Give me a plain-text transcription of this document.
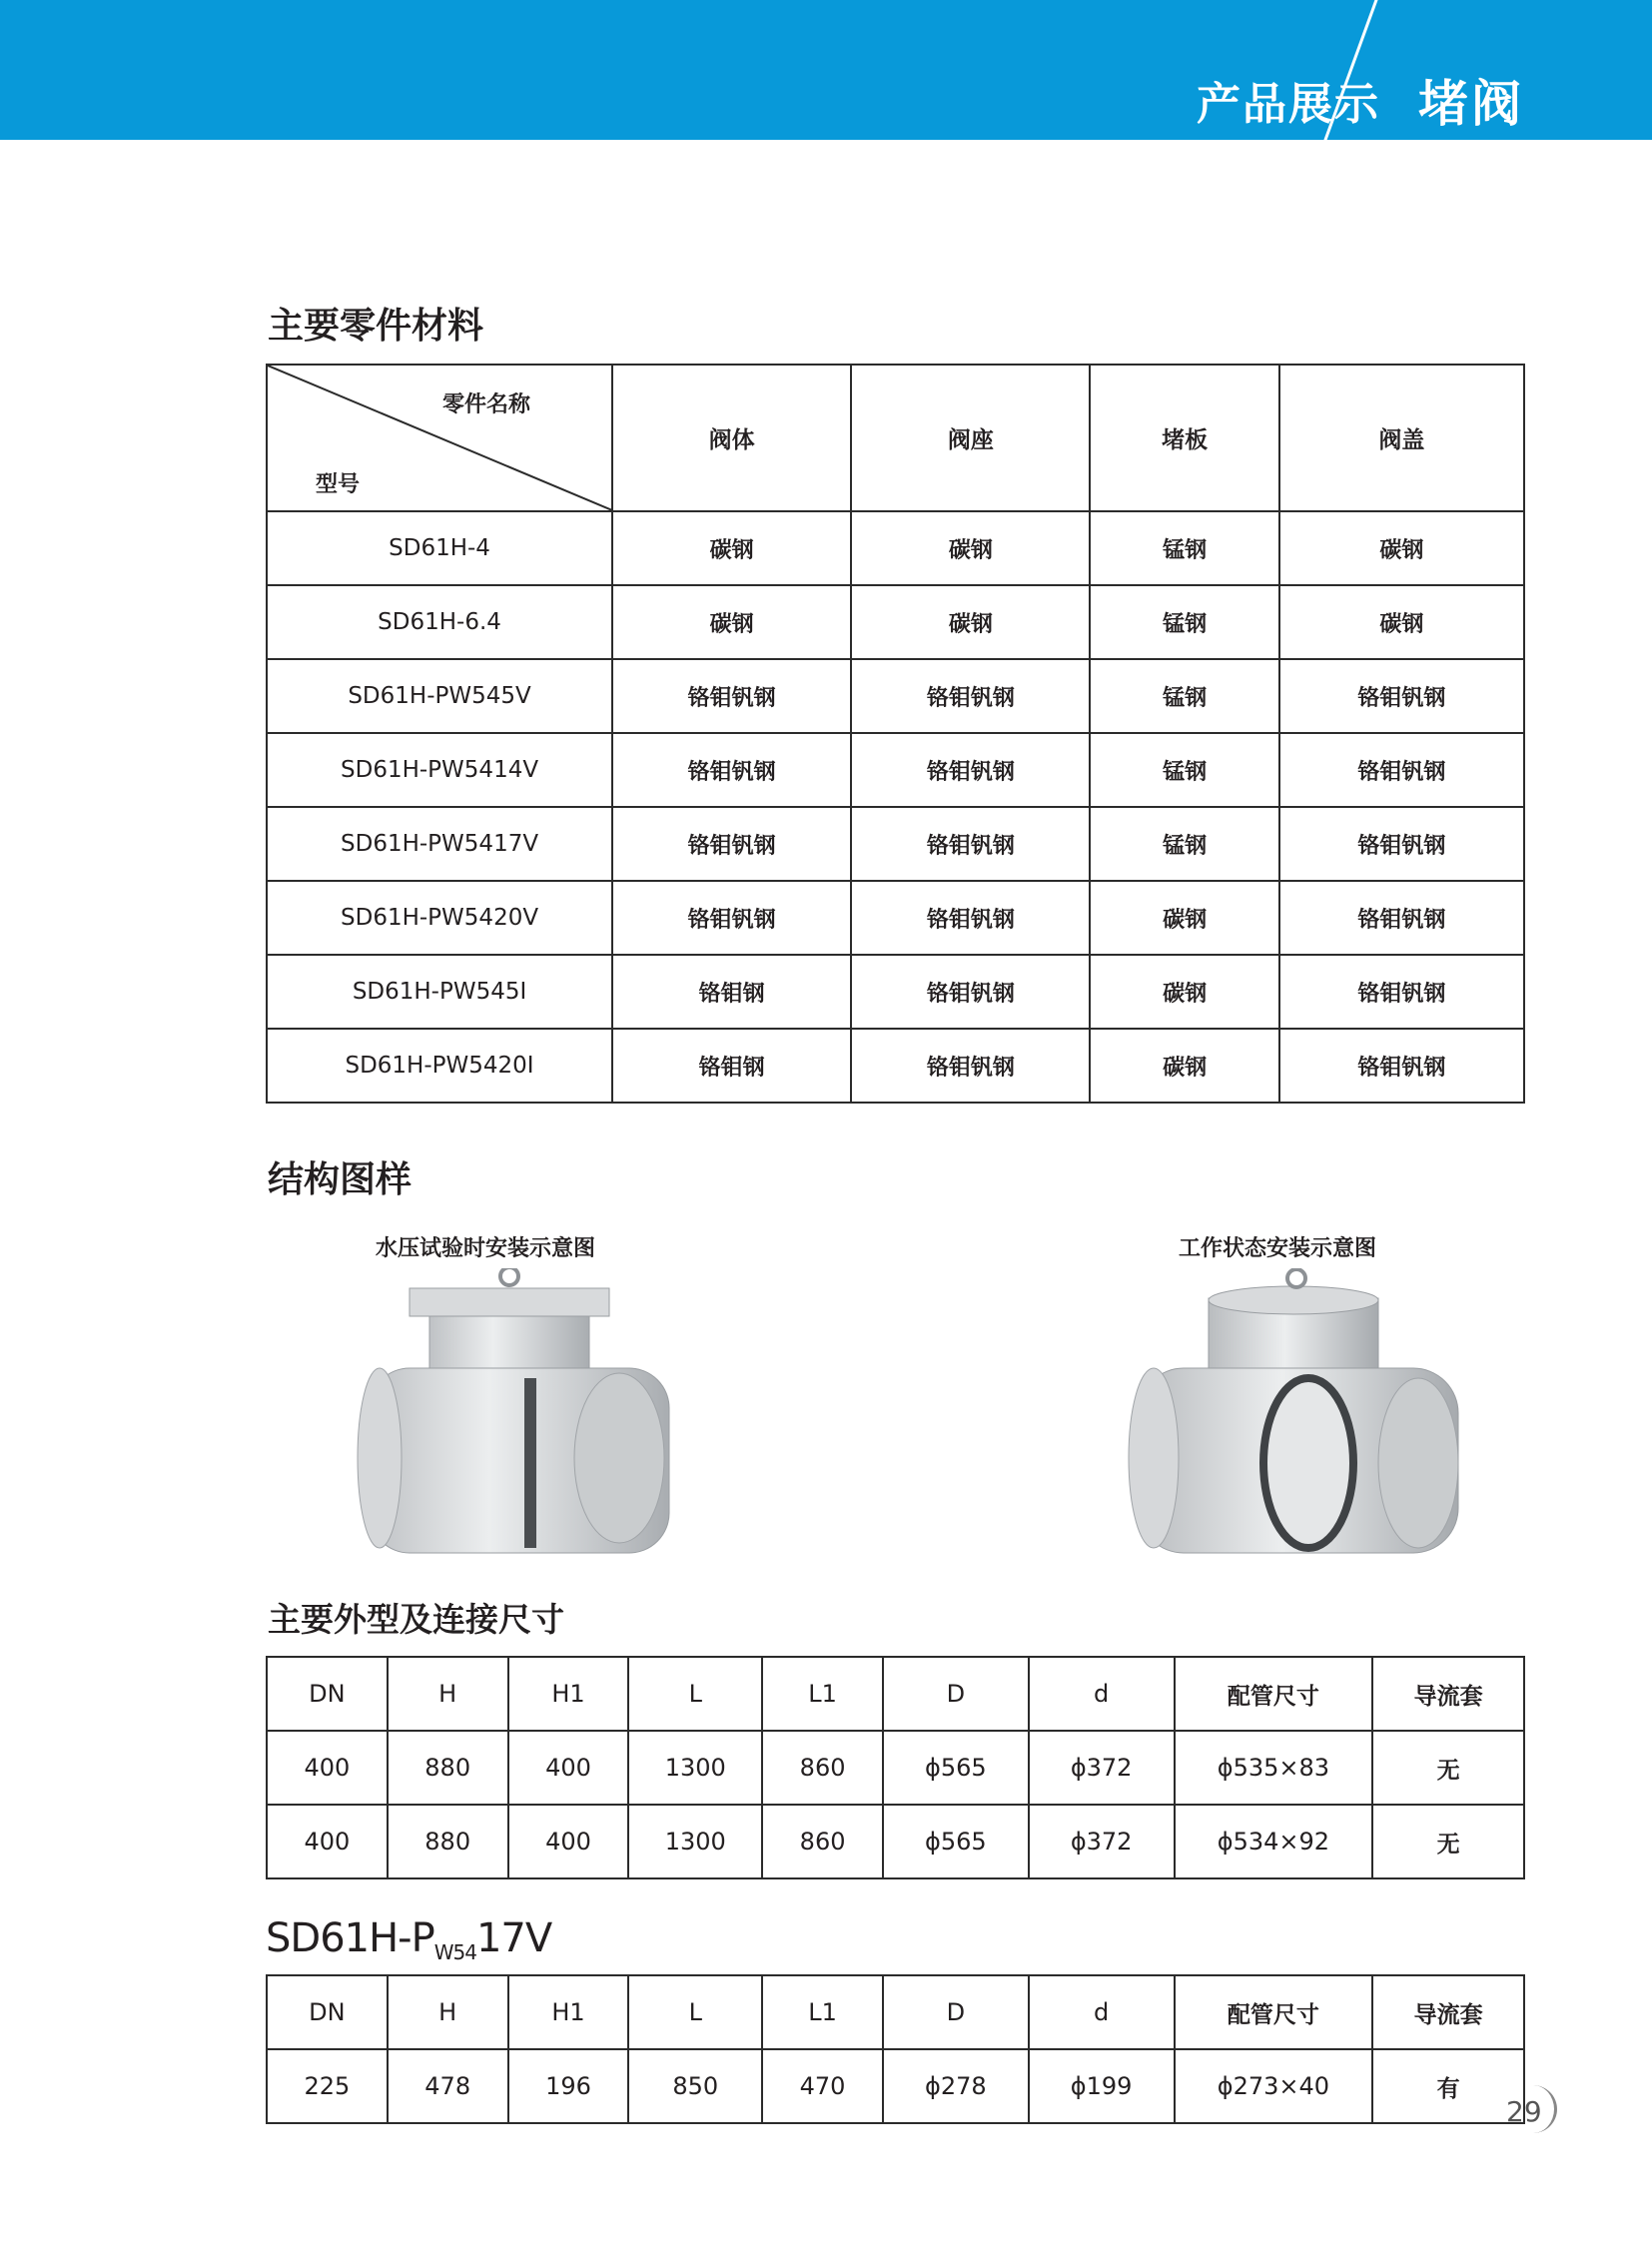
产品展示 堵阀
主要零件材料
零件名称
型号	阀体	阀座	堵板	阀盖
SD61H-4	碳钢	碳钢	锰钢	碳钢
SD61H-6.4	碳钢	碳钢	锰钢	碳钢
SD61H-PW545V	铬钼钒钢	铬钼钒钢	锰钢	铬钼钒钢
SD61H-PW5414V	铬钼钒钢	铬钼钒钢	锰钢	铬钼钒钢
SD61H-PW5417V	铬钼钒钢	铬钼钒钢	锰钢	铬钼钒钢
SD61H-PW5420V	铬钼钒钢	铬钼钒钢	碳钢	铬钼钒钢
SD61H-PW545I	铬钼钢	铬钼钒钢	碳钢	铬钼钒钢
SD61H-PW5420I	铬钼钢	铬钼钒钢	碳钢	铬钼钒钢
结构图样
水压试验时安装示意图	工作状态安装示意图
主要外型及连接尺寸
DN	H	H1	L	L1	D	d	配管尺寸	导流套
400	880	400	1300	860	ϕ565	ϕ372	ϕ535×83	无
400	880	400	1300	860	ϕ565	ϕ372	ϕ534×92	无
$SD61H-P_{W54}17V$
DN	H	H1	L	L1	D	d	配管尺寸	导流套
225	478	196	850	470	ϕ278	ϕ199	ϕ273×40	有
29
